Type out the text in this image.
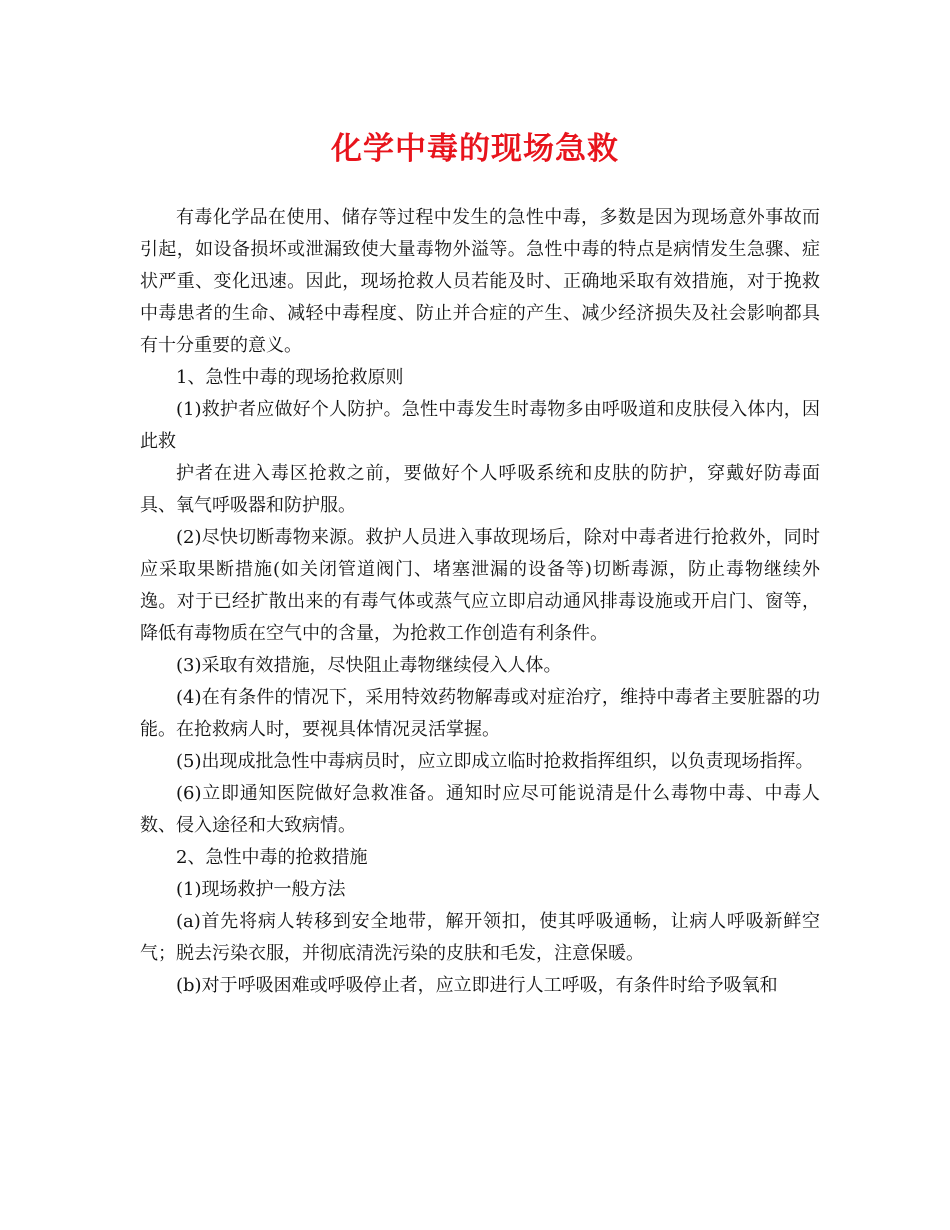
化学中毒的现场急救

有毒化学品在使用、储存等过程中发生的急性中毒，多数是因为现场意外事故而引起，如设备损坏或泄漏致使大量毒物外溢等。急性中毒的特点是病情发生急骤、症状严重、变化迅速。因此，现场抢救人员若能及时、正确地采取有效措施，对于挽救中毒患者的生命、减轻中毒程度、防止并合症的产生、减少经济损失及社会影响都具有十分重要的意义。

1、急性中毒的现场抢救原则

(1)救护者应做好个人防护。急性中毒发生时毒物多由呼吸道和皮肤侵入体内，因此救

护者在进入毒区抢救之前，要做好个人呼吸系统和皮肤的防护，穿戴好防毒面具、氧气呼吸器和防护服。

(2)尽快切断毒物来源。救护人员进入事故现场后，除对中毒者进行抢救外，同时应采取果断措施(如关闭管道阀门、堵塞泄漏的设备等)切断毒源，防止毒物继续外逸。对于已经扩散出来的有毒气体或蒸气应立即启动通风排毒设施或开启门、窗等，降低有毒物质在空气中的含量，为抢救工作创造有利条件。

(3)采取有效措施，尽快阻止毒物继续侵入人体。

(4)在有条件的情况下，采用特效药物解毒或对症治疗，维持中毒者主要脏器的功能。在抢救病人时，要视具体情况灵活掌握。

(5)出现成批急性中毒病员时，应立即成立临时抢救指挥组织，以负责现场指挥。

(6)立即通知医院做好急救准备。通知时应尽可能说清是什么毒物中毒、中毒人数、侵入途径和大致病情。

2、急性中毒的抢救措施

(1)现场救护一般方法

(a)首先将病人转移到安全地带，解开领扣，使其呼吸通畅，让病人呼吸新鲜空气；脱去污染衣服，并彻底清洗污染的皮肤和毛发，注意保暖。

(b)对于呼吸困难或呼吸停止者，应立即进行人工呼吸，有条件时给予吸氧和
